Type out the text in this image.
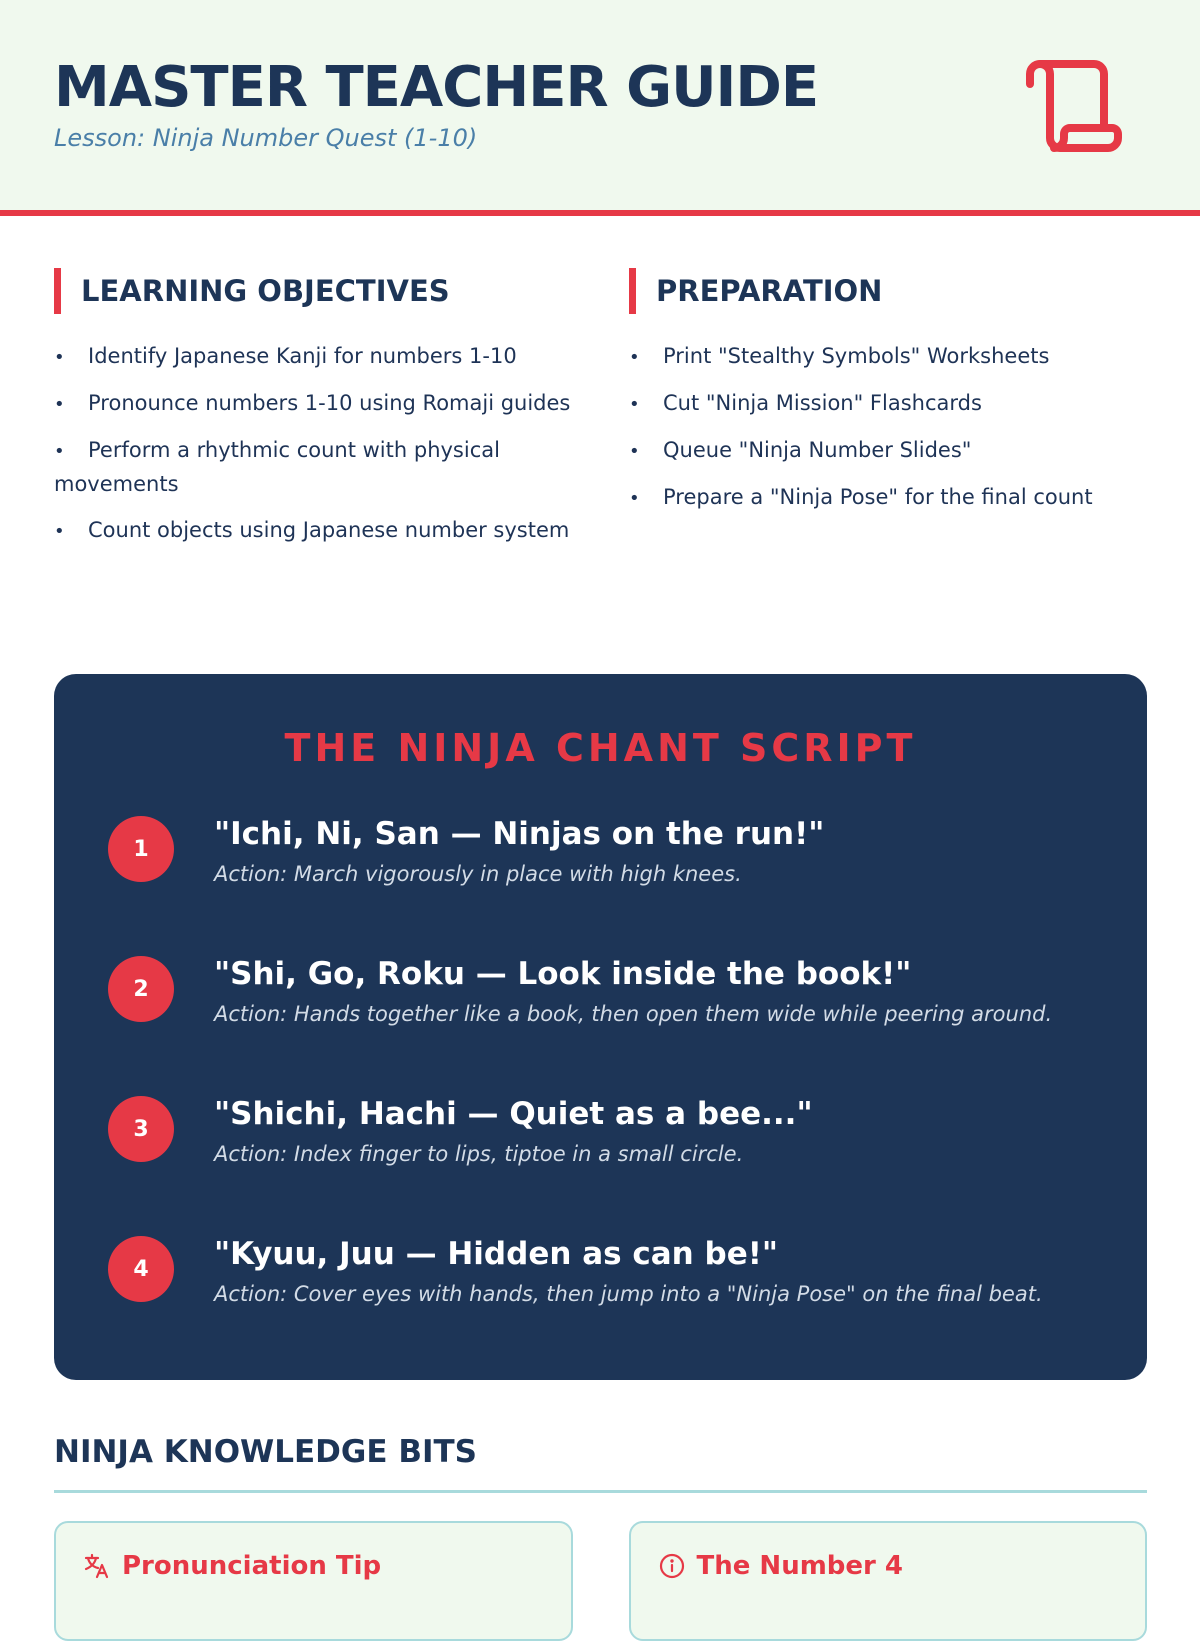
MASTER TEACHER GUIDE
Lesson: Ninja Number Quest (1-10)
LEARNING OBJECTIVES
• Identify Japanese Kanji for numbers 1-10
• Pronounce numbers 1-10 using Romaji guides
• Perform a rhythmic count with physical movements
• Count objects using Japanese number system
PREPARATION
• Print "Stealthy Symbols" Worksheets
• Cut "Ninja Mission" Flashcards
• Queue "Ninja Number Slides"
• Prepare a "Ninja Pose" for the final count
THE NINJA CHANT SCRIPT
1	"Ichi, Ni, San — Ninjas on the run!"
Action: March vigorously in place with high knees.
2	"Shi, Go, Roku — Look inside the book!"
Action: Hands together like a book, then open them wide while peering around.
3	"Shichi, Hachi — Quiet as a bee..."
Action: Index finger to lips, tiptoe in a small circle.
4	"Kyuu, Juu — Hidden as can be!"
Action: Cover eyes with hands, then jump into a "Ninja Pose" on the final beat.
NINJA KNOWLEDGE BITS
Pronunciation Tip	The Number 4
